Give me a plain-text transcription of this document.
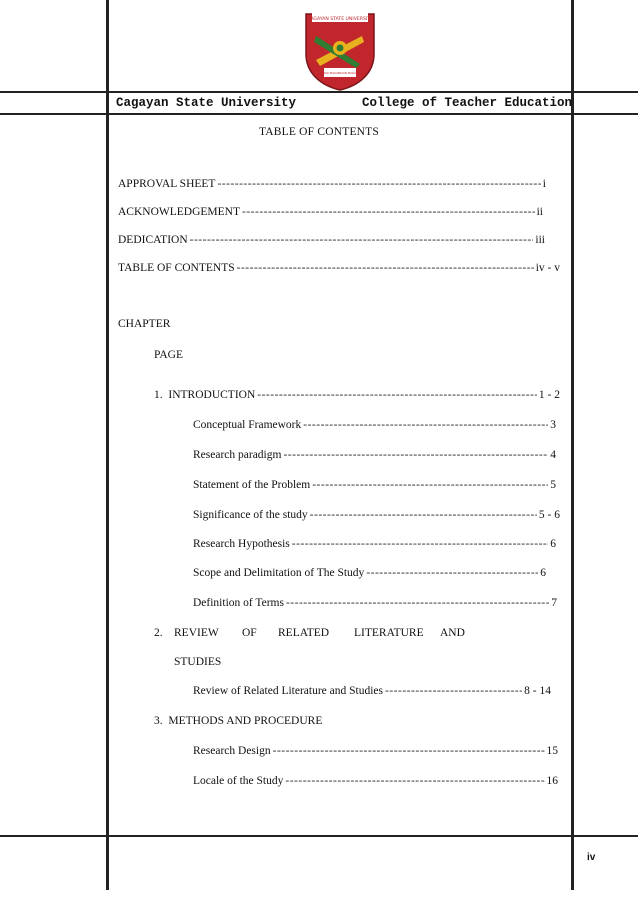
CAGAYAN STATE UNIVERSITY
MAKATAO MAKABAYAN MAKADIYOS
Cagayan State University	College of Teacher Education
TABLE OF CONTENTS
APPROVAL SHEET -----	i
ACKNOWLEDGEMENT -----	ii
DEDICATION -----	iii
TABLE OF CONTENTS -----	iv - v
CHAPTER
PAGE
1. INTRODUCTION -----	1 - 2
Conceptual Framework -----	3
Research paradigm -----	4
Statement of the Problem -----	5
Significance of the study -----	5 - 6
Research Hypothesis -----	6
Scope and Delimitation of The Study -----	6
Definition of Terms -----	7
2. REVIEW	OF	RELATED	LITERATURE	AND
STUDIES
Review of Related Literature and Studies -----	8 - 14
3. METHODS AND PROCEDURE
Research Design -----	15
Locale of the Study -----	16
iv
